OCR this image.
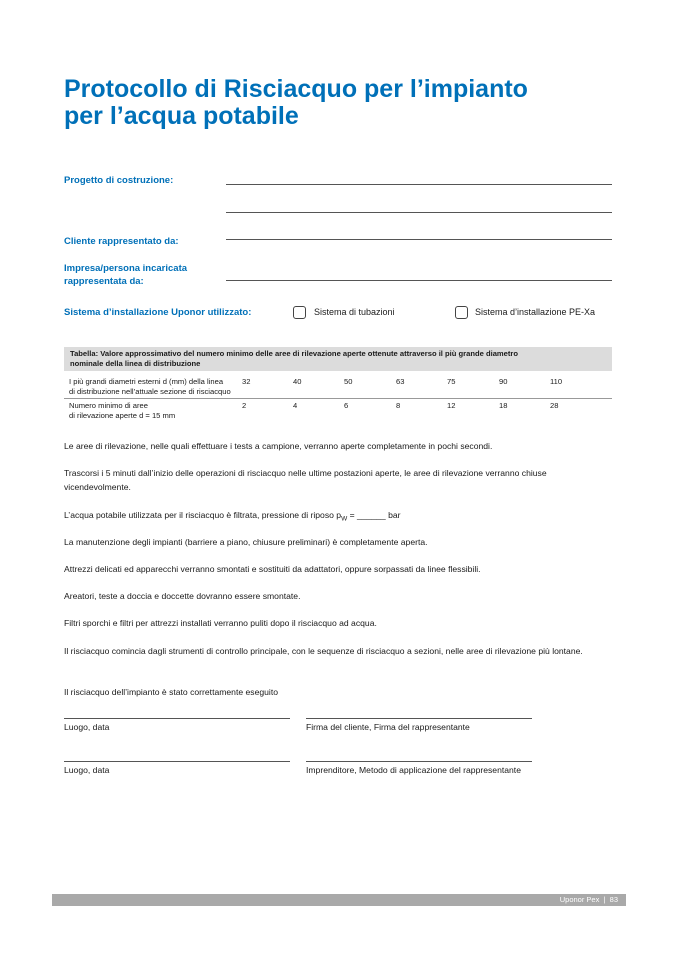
Protocollo di Risciacquo per l’impianto
per l’acqua potabile
Progetto di costruzione:
Cliente rappresentato da:
Impresa/persona incaricata
rappresentata da:
Sistema d’installazione Uponor utilizzato:	Sistema di tubazioni	Sistema d’installazione PE-Xa
Tabella: Valore approssimativo del numero minimo delle aree di rilevazione aperte ottenute attraverso il più grande diametro
nominale della linea di distribuzione
I più grandi diametri esterni d (mm) della linea
di distribuzione nell’attuale sezione di risciacquo
32	40	50	63	75	90	110
Numero minimo di aree
di rilevazione aperte d = 15 mm
2	4	6	8	12	18	28

Le aree di rilevazione, nelle quali effettuare i tests a campione, verranno aperte completamente in pochi secondi.

Trascorsi i 5 minuti dall’inizio delle operazioni di risciacquo nelle ultime postazioni aperte, le aree di rilevazione verranno chiuse vicendevolmente.

L’acqua potabile utilizzata per il risciacquo è filtrata, pressione di riposo $p_W$ = ______ bar

La manutenzione degli impianti (barriere a piano, chiusure preliminari) è completamente aperta.

Attrezzi delicati ed apparecchi verranno smontati e sostituiti da adattatori, oppure sorpassati da linee flessibili.

Areatori, teste a doccia e doccette dovranno essere smontate.

Filtri sporchi e filtri per attrezzi installati verranno puliti dopo il risciacquo ad acqua.

Il risciacquo comincia dagli strumenti di controllo principale, con le sequenze di risciacquo a sezioni, nelle aree di rilevazione più lontane.

Il risciacquo dell’impianto è stato correttamente eseguito

Luogo, data	Firma del cliente, Firma del rappresentante
Luogo, data	Imprenditore, Metodo di applicazione del rappresentante
Uponor Pex  |  83
